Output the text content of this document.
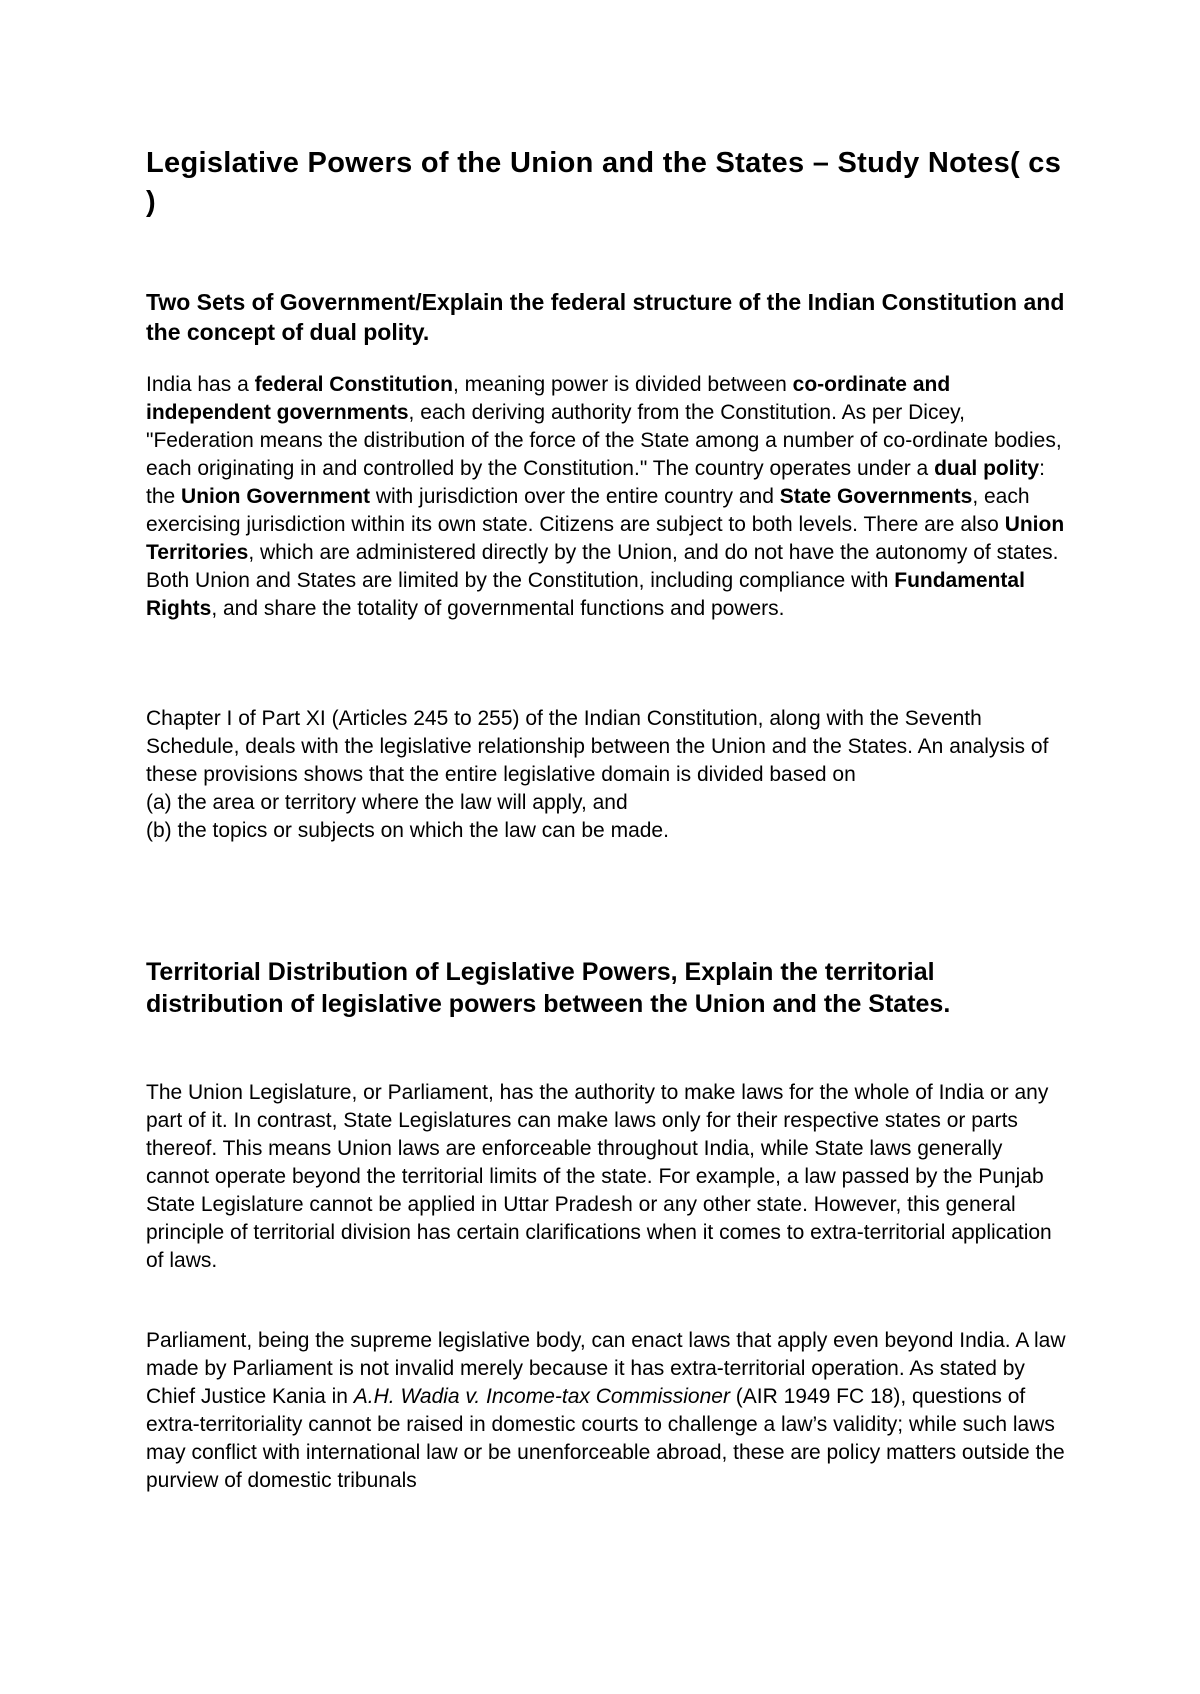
Legislative Powers of the Union and the States – Study Notes( cs )
Two Sets of Government/Explain the federal structure of the Indian Constitution and the concept of dual polity.

India has a federal Constitution, meaning power is divided between co-ordinate and independent governments, each deriving authority from the Constitution. As per Dicey, "Federation means the distribution of the force of the State among a number of co-ordinate bodies, each originating in and controlled by the Constitution." The country operates under a dual polity: the Union Government with jurisdiction over the entire country and State Governments, each exercising jurisdiction within its own state. Citizens are subject to both levels. There are also Union Territories, which are administered directly by the Union, and do not have the autonomy of states. Both Union and States are limited by the Constitution, including compliance with Fundamental Rights, and share the totality of governmental functions and powers.

Chapter I of Part XI (Articles 245 to 255) of the Indian Constitution, along with the Seventh Schedule, deals with the legislative relationship between the Union and the States. An analysis of these provisions shows that the entire legislative domain is divided based on
(a) the area or territory where the law will apply, and
(b) the topics or subjects on which the law can be made.
Territorial Distribution of Legislative Powers, Explain the territorial distribution of legislative powers between the Union and the States.

The Union Legislature, or Parliament, has the authority to make laws for the whole of India or any part of it. In contrast, State Legislatures can make laws only for their respective states or parts thereof. This means Union laws are enforceable throughout India, while State laws generally cannot operate beyond the territorial limits of the state. For example, a law passed by the Punjab State Legislature cannot be applied in Uttar Pradesh or any other state. However, this general principle of territorial division has certain clarifications when it comes to extra-territorial application of laws.

Parliament, being the supreme legislative body, can enact laws that apply even beyond India. A law made by Parliament is not invalid merely because it has extra-territorial operation. As stated by Chief Justice Kania in A.H. Wadia v. Income-tax Commissioner (AIR 1949 FC 18), questions of extra-territoriality cannot be raised in domestic courts to challenge a law’s validity; while such laws may conflict with international law or be unenforceable abroad, these are policy matters outside the purview of domestic tribunals
